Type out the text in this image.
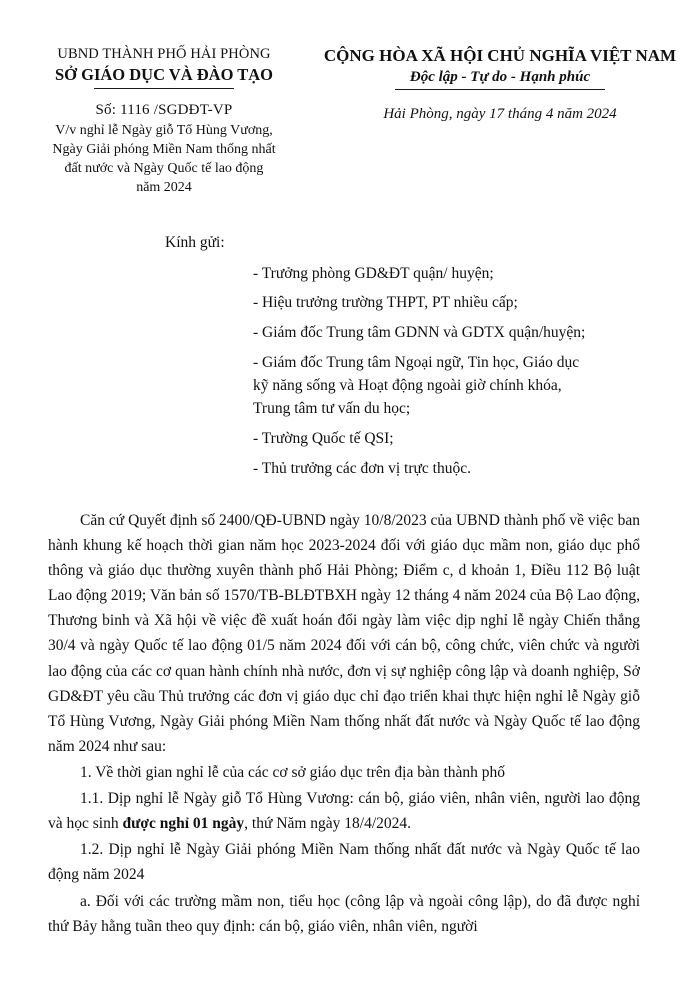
UBND THÀNH PHỐ HẢI PHÒNG
SỞ GIÁO DỤC VÀ ĐÀO TẠO
CỘNG HÒA XÃ HỘI CHỦ NGHĨA VIỆT NAM
Độc lập - Tự do - Hạnh phúc
Số: 1116 /SGDĐT-VP
V/v nghỉ lễ Ngày giỗ Tổ Hùng Vương,
Ngày Giải phóng Miền Nam thống nhất
đất nước và Ngày Quốc tế lao động
năm 2024
Hải Phòng, ngày 17 tháng 4 năm 2024
Kính gửi:
- Trưởng phòng GD&ĐT quận/ huyện;
- Hiệu trưởng trường THPT, PT nhiều cấp;
- Giám đốc Trung tâm GDNN và GDTX quận/huyện;
- Giám đốc Trung tâm Ngoại ngữ, Tin học, Giáo dục
kỹ năng sống và Hoạt động ngoài giờ chính khóa,
Trung tâm tư vấn du học;
- Trường Quốc tế QSI;
- Thủ trưởng các đơn vị trực thuộc.

Căn cứ Quyết định số 2400/QĐ-UBND ngày 10/8/2023 của UBND thành phố về việc ban hành khung kế hoạch thời gian năm học 2023-2024 đối với giáo dục mầm non, giáo dục phổ thông và giáo dục thường xuyên thành phố Hải Phòng; Điểm c, d khoản 1, Điều 112 Bộ luật Lao động 2019; Văn bản số 1570/TB-BLĐTBXH ngày 12 tháng 4 năm 2024 của Bộ Lao động, Thương binh và Xã hội về việc đề xuất hoán đổi ngày làm việc dịp nghỉ lễ ngày Chiến thắng 30/4 và ngày Quốc tế lao động 01/5 năm 2024 đối với cán bộ, công chức, viên chức và người lao động của các cơ quan hành chính nhà nước, đơn vị sự nghiệp công lập và doanh nghiệp, Sở GD&ĐT yêu cầu Thủ trưởng các đơn vị giáo dục chỉ đạo triển khai thực hiện nghỉ lễ Ngày giỗ Tổ Hùng Vương, Ngày Giải phóng Miền Nam thống nhất đất nước và Ngày Quốc tế lao động năm 2024 như sau:

1. Về thời gian nghỉ lễ của các cơ sở giáo dục trên địa bàn thành phố

1.1. Dịp nghỉ lễ Ngày giỗ Tổ Hùng Vương: cán bộ, giáo viên, nhân viên, người lao động và học sinh được nghỉ 01 ngày, thứ Năm ngày 18/4/2024.

1.2. Dịp nghỉ lễ Ngày Giải phóng Miền Nam thống nhất đất nước và Ngày Quốc tế lao động năm 2024

a. Đối với các trường mầm non, tiểu học (công lập và ngoài công lập), do đã được nghỉ thứ Bảy hằng tuần theo quy định: cán bộ, giáo viên, nhân viên, người
